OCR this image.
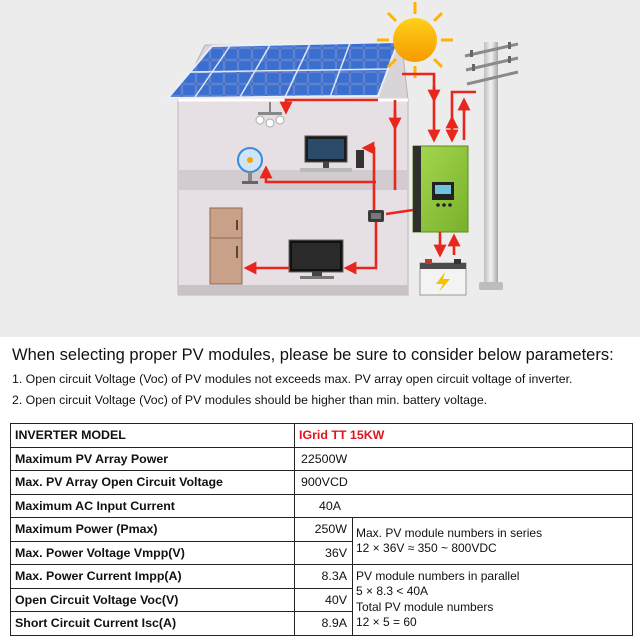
When selecting proper PV modules, please be sure to consider below parameters:
1. Open circuit Voltage (Voc) of PV modules not exceeds max. PV array open circuit voltage of inverter.
2. Open circuit Voltage (Voc) of PV modules should be higher than min. battery voltage.
INVERTER MODEL	IGrid TT 15KW	
Maximum PV Array Power	22500W	
Max. PV Array Open Circuit Voltage	900VCD	
Maximum AC Input Current	40A	
Maximum Power (Pmax)	250W	Max. PV module numbers in series
12 × 36V ≈ 350 ~ 800VDC

Max. Power Voltage Vmpp(V)	36V	
Max. Power Current Impp(A)	8.3A	PV module numbers in parallel
5 × 8.3 < 40A
Total PV module numbers
12 × 5 = 60

Open Circuit Voltage Voc(V)	40V	
Short Circuit Current Isc(A)	8.9A	
